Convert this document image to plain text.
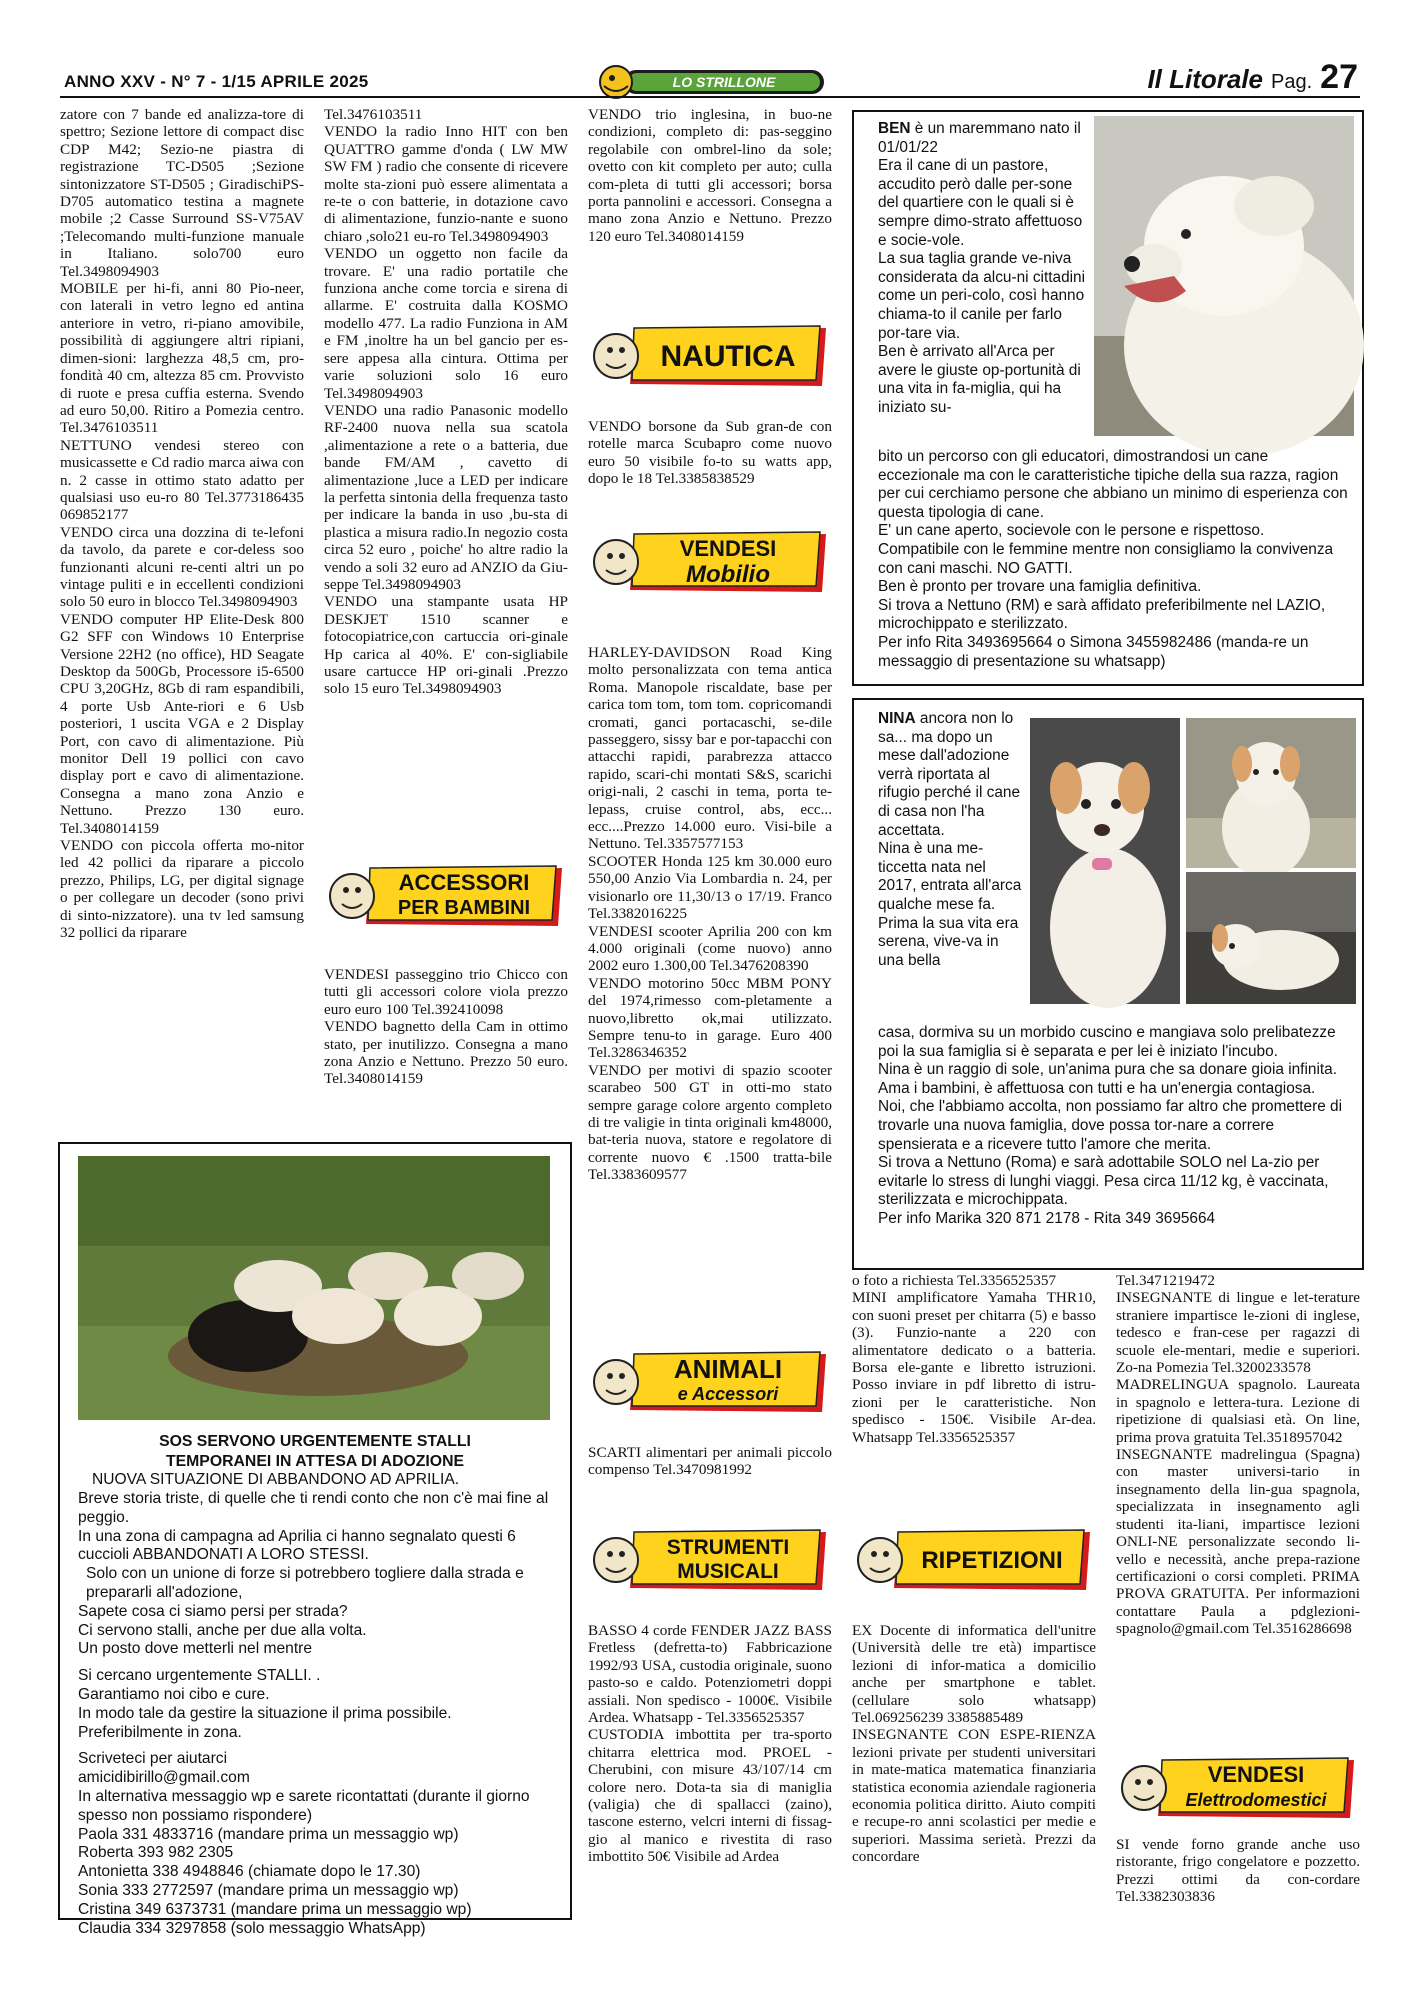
ANNO XXV - N° 7 - 1/15 APRILE 2025	LO STRILLONE	Il Litorale Pag. 27

zatore con 7 bande ed analizza-tore di spettro; Sezione lettore di compact disc CDP M42; Sezio-ne piastra di registrazione TC-D505 ;Sezione sintonizzatore ST-D505 ; GiradischiPS-D705 automatico testina a magnete mobile ;2 Casse Surround SS-V75AV ;Telecomando multi-funzione manuale in Italiano. solo700 euro Tel.3498094903

MOBILE per hi-fi, anni 80 Pio-neer, con laterali in vetro legno ed antina anteriore in vetro, ri-piano amovibile, possibilità di aggiungere altri ripiani, dimen-sioni: larghezza 48,5 cm, pro-fondità 40 cm, altezza 85 cm. Provvisto di ruote e presa cuffia esterna. Svendo ad euro 50,00. Ritiro a Pomezia centro. Tel.3476103511

NETTUNO vendesi stereo con musicassette e Cd radio marca aiwa con n. 2 casse in ottimo stato adatto per qualsiasi uso eu-ro 80 Tel.3773186435 069852177

VENDO circa una dozzina di te-lefoni da tavolo, da parete e cor-deless soo funzionanti alcuni re-centi altri un po vintage puliti e in eccellenti condizioni solo 50 euro in blocco Tel.3498094903

VENDO computer HP Elite-Desk 800 G2 SFF con Windows 10 Enterprise Versione 22H2 (no office), HD Seagate Desktop da 500Gb, Processore i5-6500 CPU 3,20GHz, 8Gb di ram espandibili, 4 porte Usb Ante-riori e 6 Usb posteriori, 1 uscita VGA e 2 Display Port, con cavo di alimentazione. Più monitor Dell 19 pollici con cavo display port e cavo di alimentazione. Consegna a mano zona Anzio e Nettuno. Prezzo 130 euro. Tel.3408014159

VENDO con piccola offerta mo-nitor led 42 pollici da riparare a piccolo prezzo, Philips, LG, per digital signage o per collegare un decoder (sono privi di sinto-nizzatore). una tv led samsung 32 pollici da riparare

Tel.3476103511

VENDO la radio Inno HIT con ben QUATTRO gamme d'onda ( LW MW SW FM ) radio che consente di ricevere molte sta-zioni può essere alimentata a re-te o con batterie, in dotazione cavo di alimentazione, funzio-nante e suono chiaro ,solo21 eu-ro Tel.3498094903

VENDO un oggetto non facile da trovare. E' una radio portatile che funziona anche come torcia e sirena di allarme. E' costruita dalla KOSMO modello 477. La radio Funziona in AM e FM ,inoltre ha un bel gancio per es-sere appesa alla cintura. Ottima per varie soluzioni solo 16 euro Tel.3498094903

VENDO una radio Panasonic modello RF-2400 nuova nella sua scatola ,alimentazione a rete o a batteria, due bande FM/AM , cavetto di alimentazione ,luce a LED per indicare la perfetta sintonia della frequenza tasto per indicare la banda in uso ,bu-sta di plastica a misura radio.In negozio costa circa 52 euro , poiche' ho altre radio la vendo a soli 32 euro ad ANZIO da Giu-seppe Tel.3498094903

VENDO una stampante usata HP DESKJET 1510 scanner e fotocopiatrice,con cartuccia ori-ginale Hp carica al 40%. E' con-sigliabile usare cartucce HP ori-ginali .Prezzo solo 15 euro Tel.3498094903

ACCESSORI
PER BAMBINI

VENDESI passeggino trio Chicco con tutti gli accessori colore viola prezzo euro euro 100 Tel.392410098

VENDO bagnetto della Cam in ottimo stato, per inutilizzo. Consegna a mano zona Anzio e Nettuno. Prezzo 50 euro. Tel.3408014159

VENDO trio inglesina, in buo-ne condizioni, completo di: pas-seggino regolabile con ombrel-lino da sole; ovetto con kit completo per auto; culla com-pleta di tutti gli accessori; borsa porta pannolini e accessori. Consegna a mano zona Anzio e Nettuno. Prezzo 120 euro Tel.3408014159

NAUTICA

VENDO borsone da Sub gran-de con rotelle marca Scubapro come nuovo euro 50 visibile fo-to su watts app, dopo le 18 Tel.3385838529

VENDESI
Mobilio

HARLEY-DAVIDSON Road King molto personalizzata con tema antica Roma. Manopole riscaldate, base per carica tom tom, tom tom. copricomandi cromati, ganci portacaschi, se-dile passeggero, sissy bar e por-tapacchi con attacchi rapidi, parabrezza attacco rapido, scari-chi montati S&S, scarichi origi-nali, 2 caschi in tema, porta te-lepass, cruise control, abs, ecc... ecc....Prezzo 14.000 euro. Visi-bile a Nettuno. Tel.3357577153

SCOOTER Honda 125 km 30.000 euro 550,00 Anzio Via Lombardia n. 24, per visionarlo ore 11,30/13 o 17/19. Franco Tel.3382016225

VENDESI scooter Aprilia 200 con km 4.000 originali (come nuovo) anno 2002 euro 1.300,00 Tel.3476208390

VENDO motorino 50cc MBM PONY del 1974,rimesso com-pletamente a nuovo,libretto ok,mai utilizzato. Sempre tenu-to in garage. Euro 400 Tel.3286346352

VENDO per motivi di spazio scooter scarabeo 500 GT in otti-mo stato sempre garage colore argento completo di tre valigie in tinta originali km48000, bat-teria nuova, statore e regolatore di corrente nuovo € .1500 tratta-bile Tel.3383609577

ANIMALI
e Accessori

SCARTI alimentari per animali piccolo compenso Tel.3470981992

STRUMENTI
MUSICALI

BASSO 4 corde FENDER JAZZ BASS Fretless (defretta-to) Fabbricazione 1992/93 USA, custodia originale, suono pasto-so e caldo. Potenziometri doppi assiali. Non spedisco - 1000€. Visibile Ardea. Whatsapp - Tel.3356525357

CUSTODIA imbottita per tra-sporto chitarra elettrica mod. PROEL - Cherubini, con misure 43/107/14 cm colore nero. Dota-ta sia di maniglia (valigia) che di spallacci (zaino), tascone esterno, velcri interni di fissag-gio al manico e rivestita di raso imbottito 50€ Visibile ad Ardea

BEN è un maremmano nato il 01/01/22

Era il cane di un pastore, accudito però dalle per-sone del quartiere con le quali si è sempre dimo-strato affettuoso e socie-vole.

La sua taglia grande ve-niva considerata da alcu-ni cittadini come un peri-colo, così hanno chiama-to il canile per farlo por-tare via.

Ben è arrivato all'Arca per avere le giuste op-portunità di una vita in fa-miglia, qui ha iniziato su-

bito un percorso con gli educatori, dimostrandosi un cane eccezionale ma con le caratteristiche tipiche della sua razza, ragion per cui cerchiamo persone che abbiano un minimo di esperienza con questa tipologia di cane.

E' un cane aperto, socievole con le persone e rispettoso. Compatibile con le femmine mentre non consigliamo la convivenza con cani maschi. NO GATTI.

Ben è pronto per trovare una famiglia definitiva.

Si trova a Nettuno (RM) e sarà affidato preferibilmente nel LAZIO, microchippato e sterilizzato.

Per info Rita 3493695664 o Simona 3455982486 (manda-re un messaggio di presentazione su whatsapp)

NINA ancora non lo sa... ma dopo un mese dall'adozione verrà riportata al rifugio perché il cane di casa non l'ha accettata.

Nina è una me-ticcetta nata nel 2017, entrata all'arca qualche mese fa.

Prima la sua vita era serena, vive-va in una bella

casa, dormiva su un morbido cuscino e mangiava solo prelibatezze poi la sua famiglia si è separata e per lei è iniziato l'incubo.

Nina è un raggio di sole, un'anima pura che sa donare gioia infinita. Ama i bambini, è affettuosa con tutti e ha un'energia contagiosa.

Noi, che l'abbiamo accolta, non possiamo far altro che promettere di trovarle una nuova famiglia, dove possa tor-nare a correre spensierata e a ricevere tutto l'amore che merita.

Si trova a Nettuno (Roma) e sarà adottabile SOLO nel La-zio per evitarle lo stress di lunghi viaggi. Pesa circa 11/12 kg, è vaccinata, sterilizzata e microchippata.

Per info Marika 320 871 2178 - Rita 349 3695664

o foto a richiesta Tel.3356525357

MINI amplificatore Yamaha THR10, con suoni preset per chitarra (5) e basso (3). Funzio-nante a 220 con alimentatore dedicato o a batteria. Borsa ele-gante e libretto istruzioni. Posso inviare in pdf libretto di istru-zioni per le caratteristiche. Non spedisco - 150€. Visibile Ar-dea. Whatsapp Tel.3356525357

RIPETIZIONI

EX Docente di informatica dell'unitre (Università delle tre età) impartisce lezioni di infor-matica a domicilio anche per smartphone e tablet. (cellulare solo whatsapp) Tel.069256239 3385885489

INSEGNANTE CON ESPE-RIENZA lezioni private per studenti universitari in mate-matica matematica finanziaria statistica economia aziendale ragioneria economia politica diritto. Aiuto compiti e recupe-ro anni scolastici per medie e superiori. Massima serietà. Prezzi da concordare

Tel.3471219472

INSEGNANTE di lingue e let-terature straniere impartisce le-zioni di inglese, tedesco e fran-cese per ragazzi di scuole ele-mentari, medie e superiori. Zo-na Pomezia Tel.3200233578

MADRELINGUA spagnolo. Laureata in spagnolo e lettera-tura. Lezione di ripetizione di qualsiasi età. On line, prima prova gratuita Tel.3518957042

INSEGNANTE madrelingua (Spagna) con master universi-tario in insegnamento della lin-gua spagnola, specializzata in insegnamento agli studenti ita-liani, impartisce lezioni ONLI-NE personalizzate secondo li-vello e necessità, anche prepa-razione certificazioni o corsi completi. PRIMA PROVA GRATUITA. Per informazioni contattare Paula a pdglezioni-spagnolo@gmail.com Tel.3516286698

VENDESI
Elettrodomestici

SI vende forno grande anche uso ristorante, frigo congelatore e pozzetto. Prezzi ottimi da con-cordare Tel.3382303836

SOS SERVONO URGENTEMENTE STALLI

TEMPORANEI IN ATTESA DI ADOZIONE

NUOVA SITUAZIONE DI ABBANDONO AD APRILIA.

Breve storia triste, di quelle che ti rendi conto che non c'è mai fine al peggio.

In una zona di campagna ad Aprilia ci hanno segnalato questi 6 cuccioli ABBANDONATI A LORO STESSI.

Solo con un unione di forze si potrebbero togliere dalla strada e prepararli all'adozione,

Sapete cosa ci siamo persi per strada?

Ci servono stalli, anche per due alla volta.

Un posto dove metterli nel mentre

Si cercano urgentemente STALLI. .

Garantiamo noi cibo e cure.

In modo tale da gestire la situazione il prima possibile.

Preferibilmente in zona.

Scriveteci per aiutarci

amicidibirillo@gmail.com

In alternativa messaggio wp e sarete ricontattati (durante il giorno spesso non possiamo rispondere)

Paola 331 4833716 (mandare prima un messaggio wp)

Roberta 393 982 2305

Antonietta 338 4948846 (chiamate dopo le 17.30)

Sonia 333 2772597 (mandare prima un messaggio wp)

Cristina 349 6373731 (mandare prima un messaggio wp)

Claudia 334 3297858 (solo messaggio WhatsApp)
